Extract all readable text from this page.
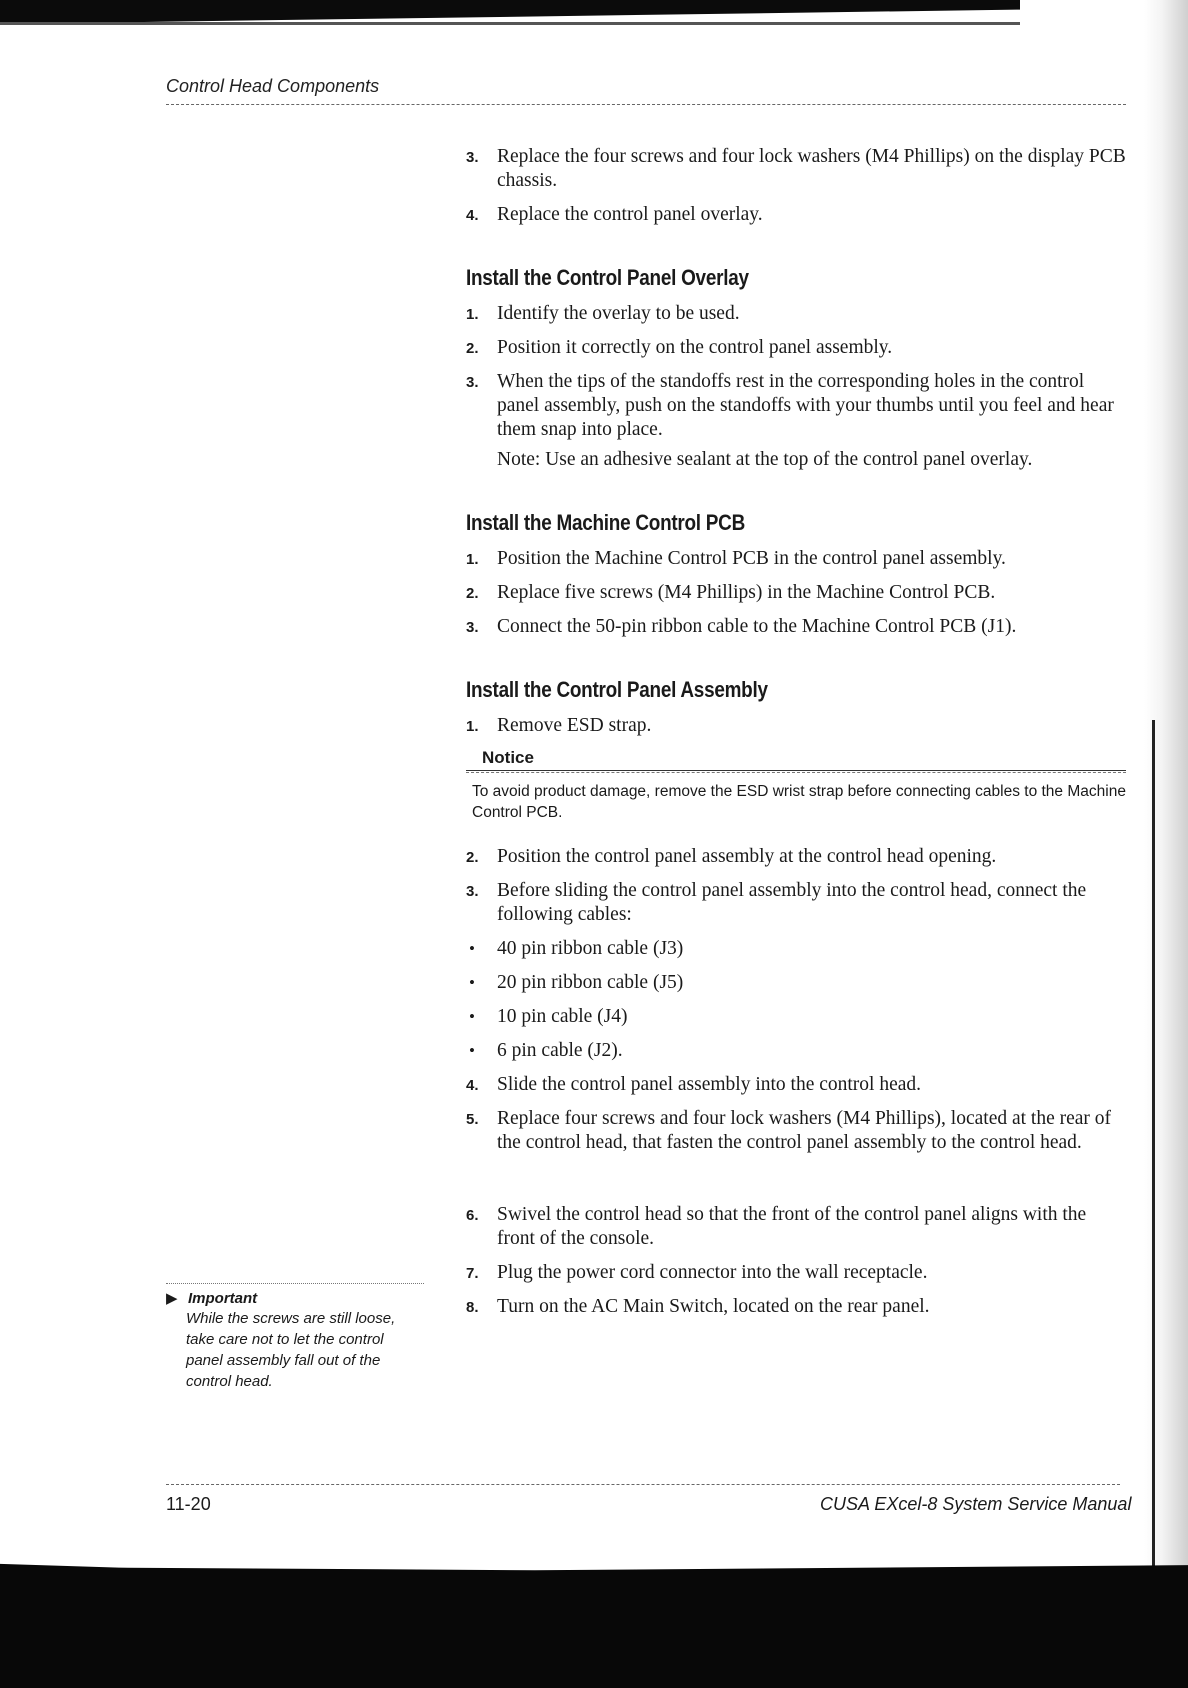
Control Head Components
3. Replace the four screws and four lock washers (M4 Phillips) on the display PCB chassis.
4. Replace the control panel overlay.
Install the Control Panel Overlay
1. Identify the overlay to be used.
2. Position it correctly on the control panel assembly.
3. When the tips of the standoffs rest in the corresponding holes in the control panel assembly, push on the standoffs with your thumbs until you feel and hear them snap into place.
Note: Use an adhesive sealant at the top of the control panel overlay.
Install the Machine Control PCB
1. Position the Machine Control PCB in the control panel assembly.
2. Replace five screws (M4 Phillips) in the Machine Control PCB.
3. Connect the 50-pin ribbon cable to the Machine Control PCB (J1).
Install the Control Panel Assembly
1. Remove ESD strap.
Notice
To avoid product damage, remove the ESD wrist strap before connecting cables to the Machine Control PCB.
2. Position the control panel assembly at the control head opening.
3. Before sliding the control panel assembly into the control head, connect the following cables:
• 40 pin ribbon cable (J3)
• 20 pin ribbon cable (J5)
• 10 pin cable (J4)
• 6 pin cable (J2).
4. Slide the control panel assembly into the control head.
5. Replace four screws and four lock washers (M4 Phillips), located at the rear of the control head, that fasten the control panel assembly to the control head.
6. Swivel the control head so that the front of the control panel aligns with the front of the console.
7. Plug the power cord connector into the wall receptacle.
8. Turn on the AC Main Switch, located on the rear panel.
▶ Important
While the screws are still loose, take care not to let the control panel assembly fall out of the control head.
11-20	CUSA EXcel-8 System Service Manual
